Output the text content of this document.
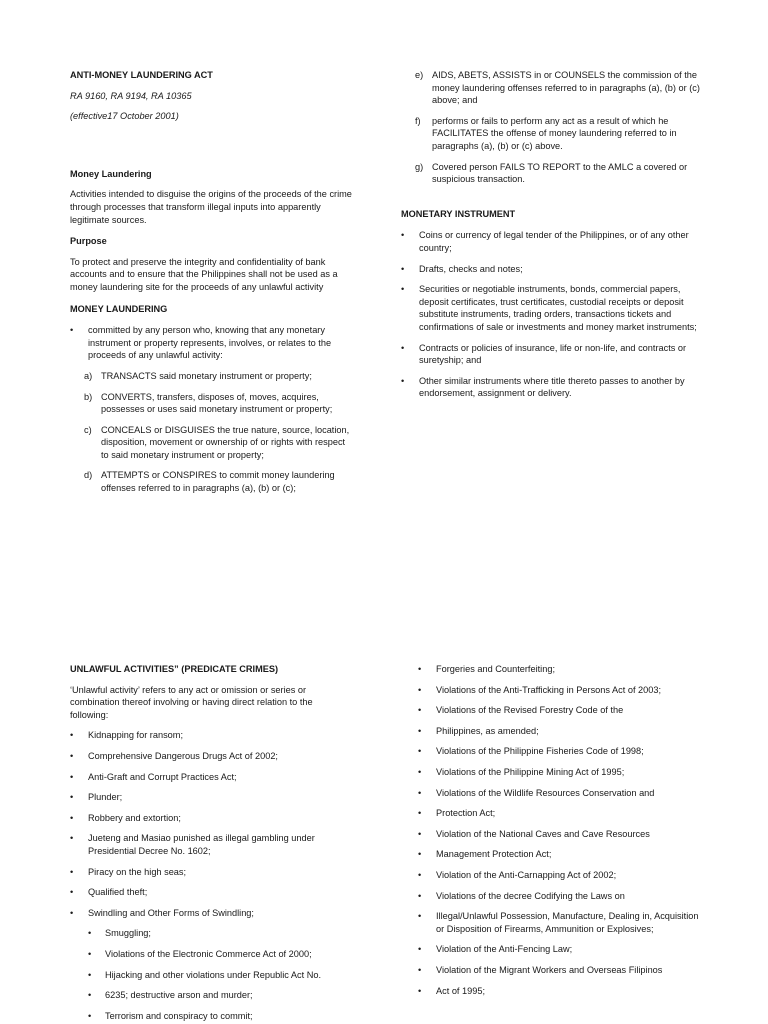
ANTI-MONEY LAUNDERING ACT

RA 9160, RA 9194, RA 10365

(effective17 October 2001)

Money Laundering

Activities intended to disguise the origins of the proceeds of the crime through processes that transform illegal inputs into apparently legitimate sources.

Purpose

To protect and preserve the integrity and confidentiality of bank accounts and to ensure that the Philippines shall not be used as a money laundering site for the proceeds of any unlawful activity

MONEY LAUNDERING

• committed by any person who, knowing that any monetary instrument or property represents, involves, or relates to the proceeds of any unlawful activity:
a) TRANSACTS said monetary instrument or property;
b) CONVERTS, transfers, disposes of, moves, acquires, possesses or uses said monetary instrument or property;
c) CONCEALS or DISGUISES the true nature, source, location, disposition, movement or ownership of or rights with respect to said monetary instrument or property;
d) ATTEMPTS or CONSPIRES to commit money laundering offenses referred to in paragraphs (a), (b) or (c);
e) AIDS, ABETS, ASSISTS in or COUNSELS the commission of the money laundering offenses referred to in paragraphs (a), (b) or (c) above; and
f) performs or fails to perform any act as a result of which he FACILITATES the offense of money laundering referred to in paragraphs (a), (b) or (c) above.
g) Covered person FAILS TO REPORT to the AMLC a covered or suspicious transaction.

MONETARY INSTRUMENT

• Coins or currency of legal tender of the Philippines, or of any other country;
• Drafts, checks and notes;
• Securities or negotiable instruments, bonds, commercial papers, deposit certificates, trust certificates, custodial receipts or deposit substitute instruments, trading orders, transactions tickets and confirmations of sale or investments and money market instruments;
• Contracts or policies of insurance, life or non-life, and contracts or suretyship; and
• Other similar instruments where title thereto passes to another by endorsement, assignment or delivery.

UNLAWFUL ACTIVITIES” (PREDICATE CRIMES)

‘Unlawful activity’ refers to any act or omission or series or combination thereof involving or having direct relation to the following:

• Kidnapping for ransom;
• Comprehensive Dangerous Drugs Act of 2002;
• Anti-Graft and Corrupt Practices Act;
• Plunder;
• Robbery and extortion;
• Jueteng and Masiao punished as illegal gambling under Presidential Decree No. 1602;
• Piracy on the high seas;
• Qualified theft;
• Swindling and Other Forms of Swindling;
• Smuggling;
• Violations of the Electronic Commerce Act of 2000;
• Hijacking and other violations under Republic Act No.
• 6235; destructive arson and murder;
• Terrorism and conspiracy to commit;
• Forgeries and Counterfeiting;
• Violations of the Anti-Trafficking in Persons Act of 2003;
• Violations of the Revised Forestry Code of the
• Philippines, as amended;
• Violations of the Philippine Fisheries Code of 1998;
• Violations of the Philippine Mining Act of 1995;
• Violations of the Wildlife Resources Conservation and
• Protection Act;
• Violation of the National Caves and Cave Resources
• Management Protection Act;
• Violation of the Anti-Carnapping Act of 2002;
• Violations of the decree Codifying the Laws on
• Illegal/Unlawful Possession, Manufacture, Dealing in, Acquisition or Disposition of Firearms, Ammunition or Explosives;
• Violation of the Anti-Fencing Law;
• Violation of the Migrant Workers and Overseas Filipinos
• Act of 1995;
